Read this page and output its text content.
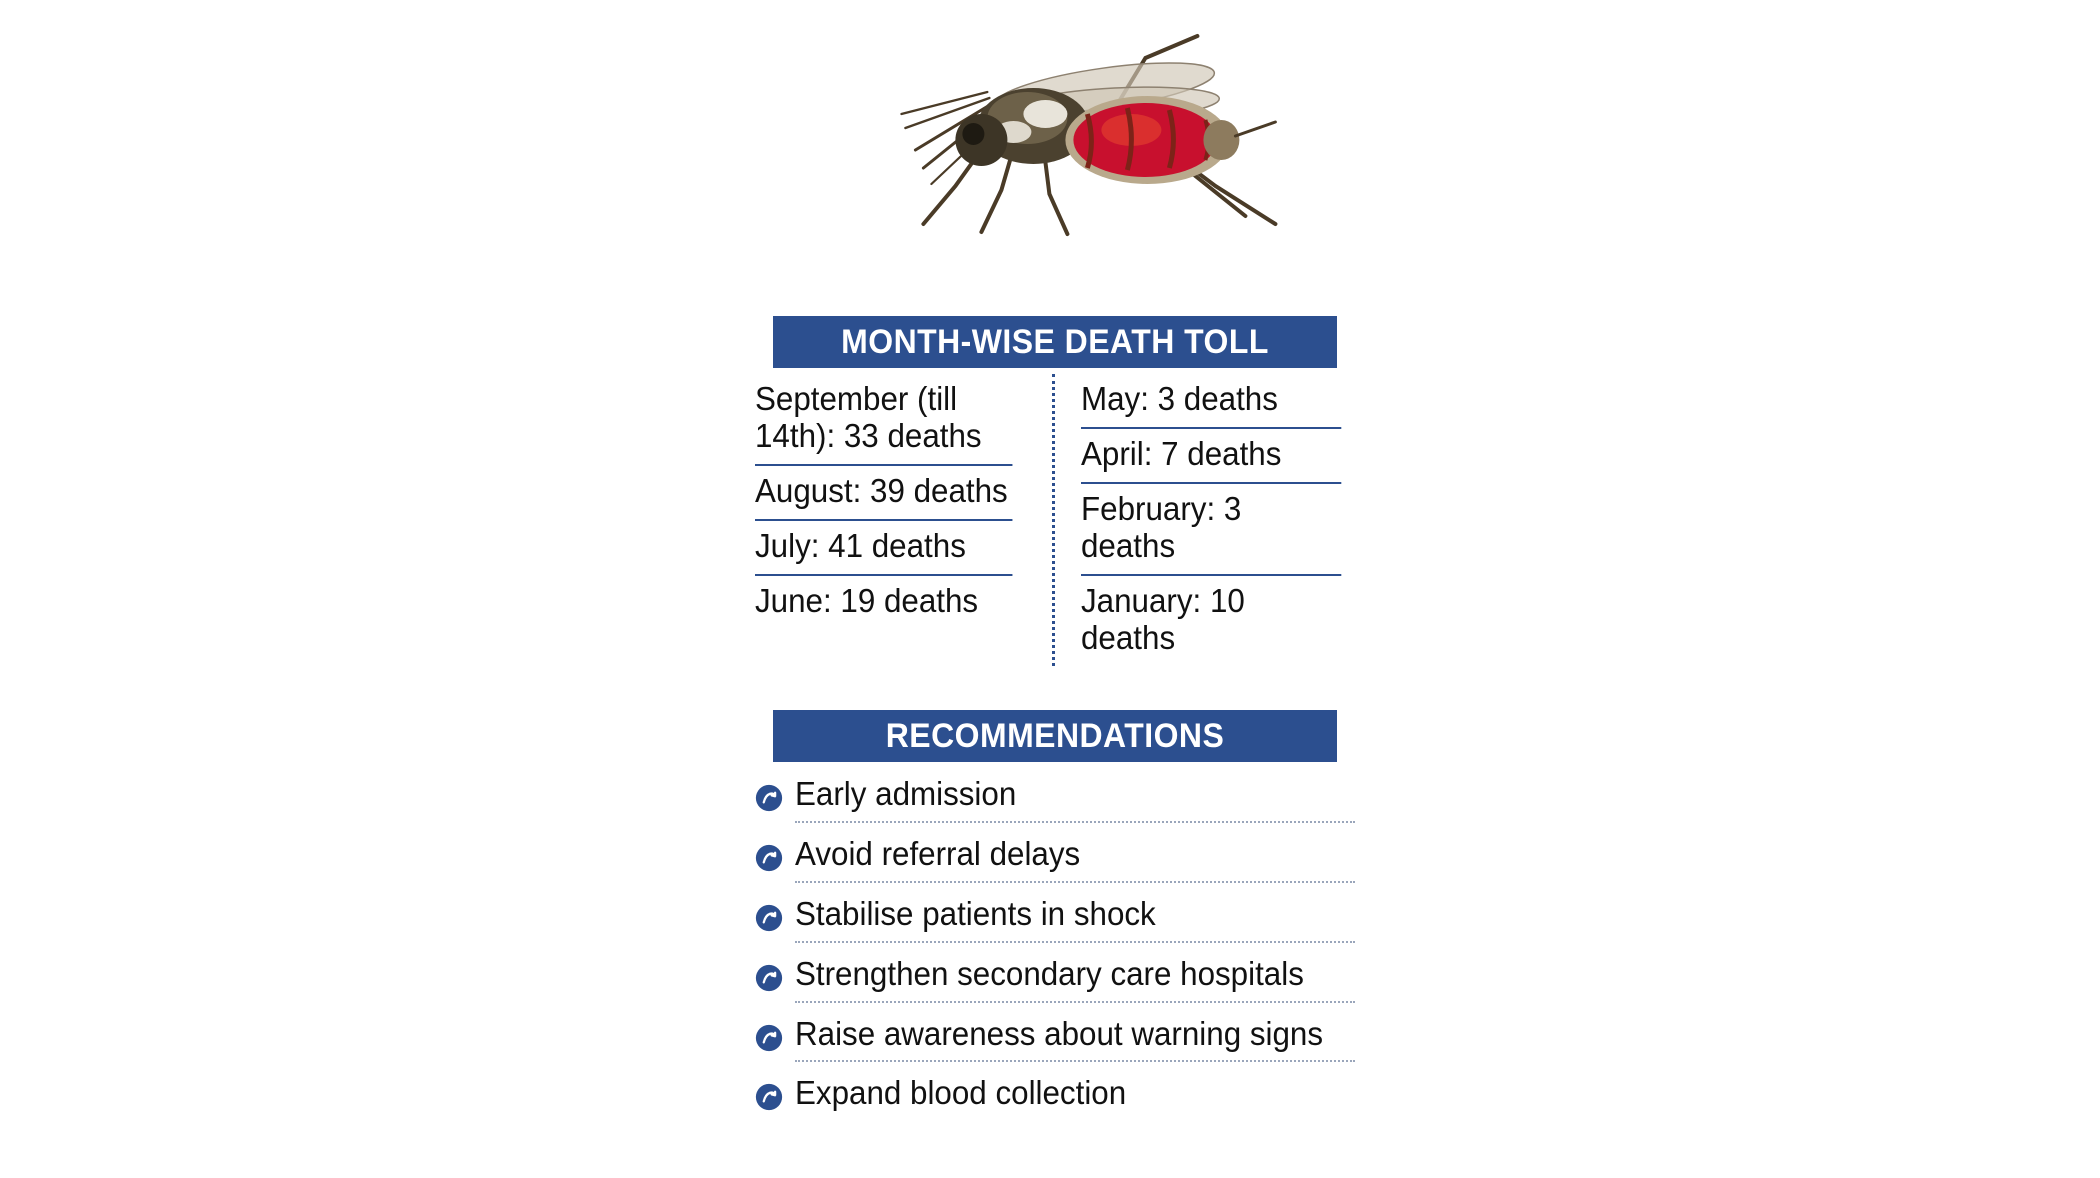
MONTH-WISE DEATH TOLL
September (till 14th): 33 deaths
August: 39 deaths
July: 41 deaths
June: 19 deaths
May: 3 deaths
April: 7 deaths
February: 3 deaths
January: 10 deaths
RECOMMENDATIONS
Early admission
Avoid referral delays
Stabilise patients in shock
Strengthen secondary care hospitals
Raise awareness about warning signs
Expand blood collection
